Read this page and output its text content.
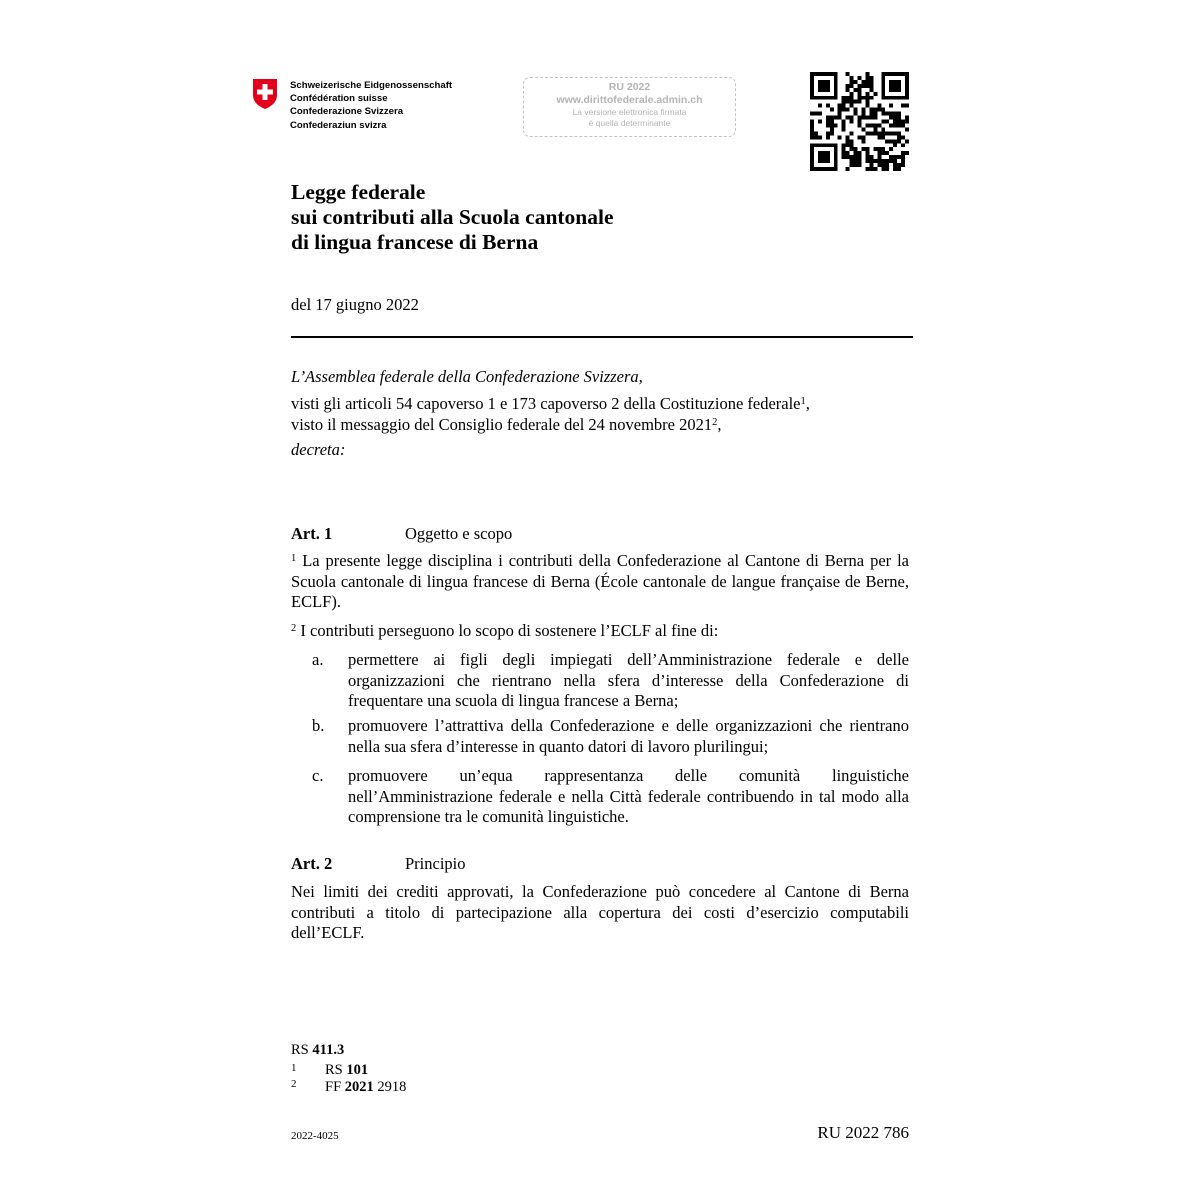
Schweizerische Eidgenossenschaft
Confédération suisse
Confederazione Svizzera
Confederaziun svizra
RU 2022
www.dirittofederale.admin.ch
La versione elettronica firmata
è quella determinante
Legge federale
sui contributi alla Scuola cantonale
di lingua francese di Berna
del 17 giugno 2022
L’Assemblea federale della Confederazione Svizzera,
visti gli articoli 54 capoverso 1 e 173 capoverso 2 della Costituzione federale$^1$,
visto il messaggio del Consiglio federale del 24 novembre 2021$^2$,
decreta:
Art. 1	Oggetto e scopo
$^1$ La presente legge disciplina i contributi della Confederazione al Cantone di Berna per la Scuola cantonale di lingua francese di Berna (École cantonale de langue française de Berne, ECLF).
$^2$ I contributi perseguono lo scopo di sostenere l’ECLF al fine di:
a. permettere ai figli degli impiegati dell’Amministrazione federale e delle organizzazioni che rientrano nella sfera d’interesse della Confederazione di frequentare una scuola di lingua francese a Berna;
b. promuovere l’attrattiva della Confederazione e delle organizzazioni che rientrano nella sua sfera d’interesse in quanto datori di lavoro plurilingui;
c. promuovere un’equa rappresentanza delle comunità linguistiche nell’Amministrazione federale e nella Città federale contribuendo in tal modo alla comprensione tra le comunità linguistiche.
Art. 2	Principio
Nei limiti dei crediti approvati, la Confederazione può concedere al Cantone di Berna contributi a titolo di partecipazione alla copertura dei costi d’esercizio computabili dell’ECLF.
RS 411.3
1 RS 101
2 FF 2021 2918
2022-4025	RU 2022 786
